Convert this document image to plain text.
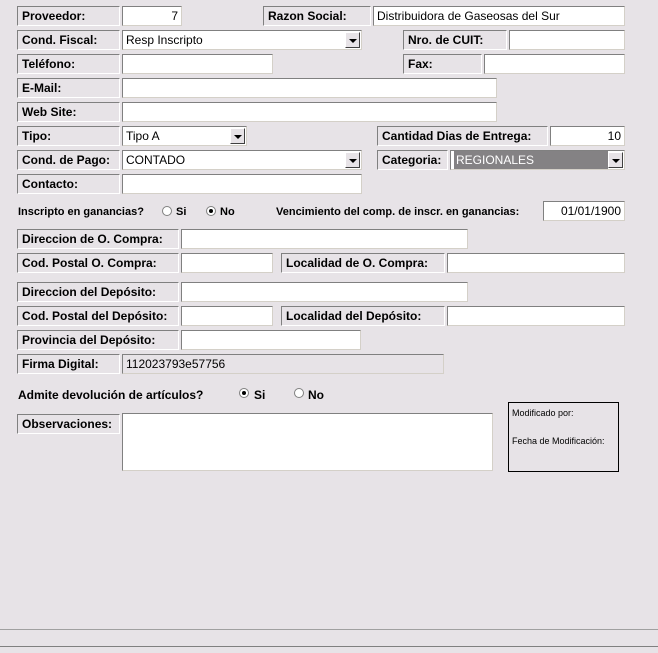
Proveedor:	7	Razon Social:	Distribuidora de Gaseosas del Sur
Cond. Fiscal:	Resp Inscripto	Nro. de CUIT:
Teléfono:	Fax:
E-Mail:
Web Site:
Tipo:	Tipo A	Cantidad Dias de Entrega:	10
Cond. de Pago:	CONTADO	Categoria:	REGIONALES
Contacto:
Inscripto en ganancias?	Si	No	Vencimiento del comp. de inscr. en ganancias:	01/01/1900
Direccion de O. Compra:
Cod. Postal O. Compra:	Localidad de O. Compra:
Direccion del Depósito:
Cod. Postal del Depósito:	Localidad del Depósito:
Provincia del Depósito:
Firma Digital:	112023793e57756
Admite devolución de artículos?	Si	No
Observaciones:
Modificado por:
Fecha de Modificación:
